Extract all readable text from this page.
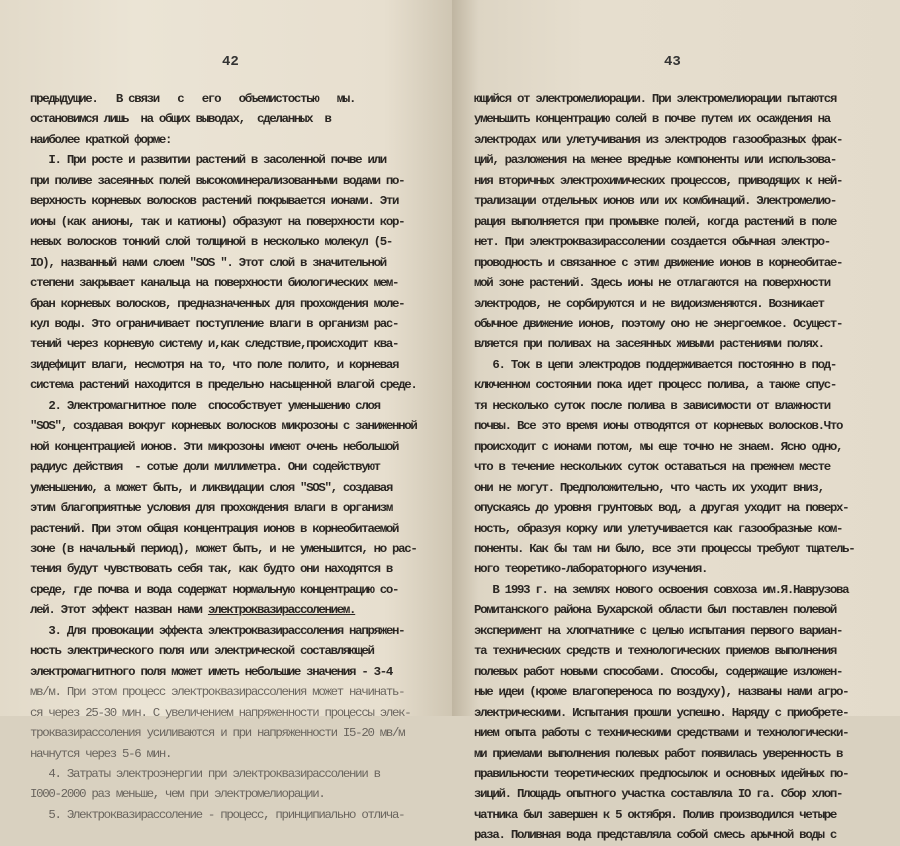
42
предыдущие.   В связи   с   его   объемистостью   мы.
остановимся лишь  на общих выводах,  сделанных  в
наиболее краткой форме:
I. При росте и развитии растений в засоленной почве или
при поливе засеянных полей высокоминерализованными водами по-
верхность корневых волосков растений покрывается ионами. Эти
ионы (как анионы, так и катионы) образуют на поверхности кор-
невых волосков тонкий слой толщиной в несколько молекул (5-
IO), названный нами слоем "SOS ". Этот слой в значительной
степени закрывает канальца на поверхности биологических мем-
бран корневых волосков, предназначенных для прохождения моле-
кул воды. Это ограничивает поступление влаги в организм рас-
тений через корневую систему и,как следствие,происходит ква-
зидефицит влаги, несмотря на то, что поле полито, и корневая
система растений находится в предельно насыщенной влагой среде.
2. Электромагнитное поле  способствует уменьшению слоя
"SOS", создавая вокруг корневых волосков микрозоны с заниженной
ной концентрацией ионов. Эти микрозоны имеют очень небольшой
радиус действия  - сотые доли миллиметра. Они содействуют
уменьшению, а может быть, и ликвидации слоя "SOS", создавая
этим благоприятные условия для прохождения влаги в организм
растений. При этом общая концентрация ионов в корнеобитаемой
зоне (в начальный период), может быть, и не уменьшится, но рас-
тения будут чувствовать себя так, как будто они находятся в
среде, где почва и вода содержат нормальную концентрацию со-
лей. Этот эффект назван нами электроквазирассолением.
3. Для провокации эффекта электроквазирассоления напряжен-
ность электрического поля или электрической составляющей
электромагнитного поля может иметь небольшие значения - 3-4
мв/м. При этом процесс электроквазирассоления может начинать-
ся через 25-30 мин. С увеличением напряженности процессы элек-
троквазирассоления усиливаются и при напряженности I5-20 мв/м
начнутся через 5-6 мин.
4. Затраты электроэнергии при электроквазирассолении в
I000-2000 раз меньше, чем при электромелиорации.
5. Электроквазирассоление - процесс, принципиально отлича-
43
ющийся от электромелиорации. При электромелиорации пытаются
уменьшить концентрацию солей в почве путем их осаждения на
электродах или улетучивания из электродов газообразных фрак-
ций, разложения на менее вредные компоненты или использова-
ния вторичных электрохимических процессов, приводящих к ней-
трализации отдельных ионов или их комбинаций. Электромелио-
рация выполняется при промывке полей, когда растений в поле
нет. При электроквазирассолении создается обычная электро-
проводность и связанное с этим движение ионов в корнеобитае-
мой зоне растений. Здесь ионы не отлагаются на поверхности
электродов, не сорбируются и не видоизменяются. Возникает
обычное движение ионов, поэтому оно не энергоемкое. Осущест-
вляется при поливах на засеянных живыми растениями полях.
6. Ток в цепи электродов поддерживается постоянно в под-
ключенном состоянии пока идет процесс полива, а также спус-
тя несколько суток после полива в зависимости от влажности
почвы. Все это время ионы отводятся от корневых волосков.Что
происходит с ионами потом, мы еще точно не знаем. Ясно одно,
что в течение нескольких суток оставаться на прежнем месте
они не могут. Предположительно, что часть их уходит вниз,
опускаясь до уровня грунтовых вод, а другая уходит на поверх-
ность, образуя корку или улетучивается как газообразные ком-
поненты. Как бы там ни было, все эти процессы требуют тщатель-
ного теоретико-лабораторного изучения.
В 1993 г. на землях нового освоения совхоза им.Я.Наврузова
Ромитанского района Бухарской области был поставлен полевой
эксперимент на хлопчатнике с целью испытания первого вариан-
та технических средств и технологических приемов выполнения
полевых работ новыми способами. Способы, содержащие изложен-
ные идеи (кроме влагопереноса по воздуху), названы нами агро-
электрическими. Испытания прошли успешно. Наряду с приобрете-
нием опыта работы с техническими средствами и технологически-
ми приемами выполнения полевых работ появилась уверенность в
правильности теоретических предпосылок и основных идейных по-
зиций. Площадь опытного участка составляла IO га. Сбор хлоп-
чатника был завершен к 5 октября. Полив производился четыре
раза. Поливная вода представляла собой смесь арычной воды с
